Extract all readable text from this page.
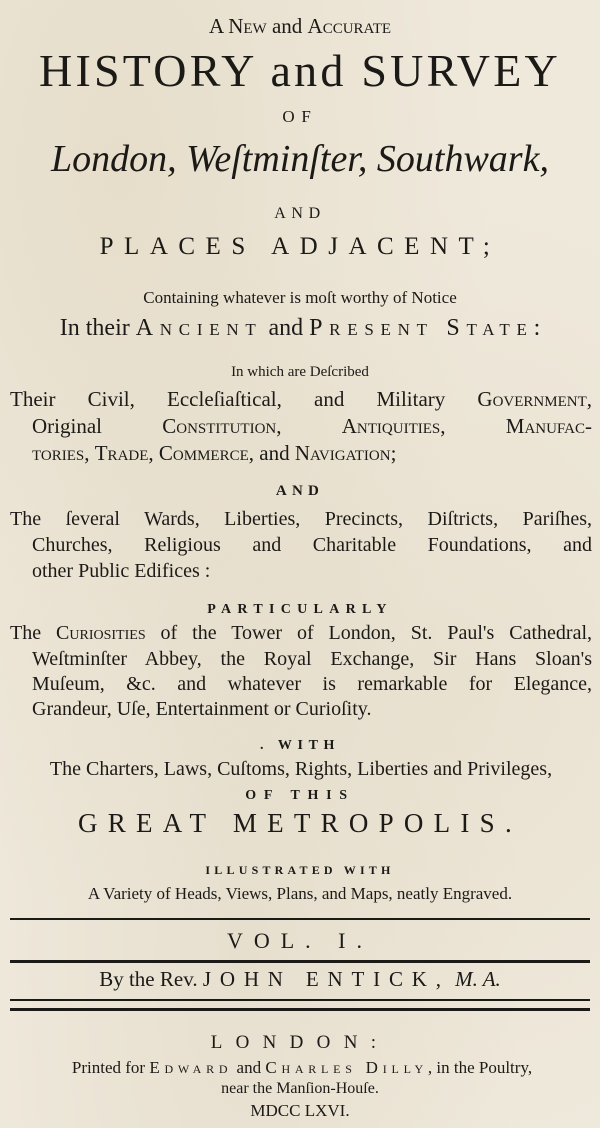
A New and Accurate
HISTORY and SURVEY
OF
London, Weſtminſter, Southwark,
AND
PLACES ADJACENT;
Containing whatever is moſt worthy of Notice
In their Ancient and Present State:
In which are Deſcribed
Their Civil, Eccleſiaſtical, and Military Government,
Original Constitution, Antiquities, Manufac-
tories, Trade, Commerce, and Navigation;
AND
The ſeveral Wards, Liberties, Precincts, Diſtricts, Pariſhes,
Churches, Religious and Charitable Foundations, and
other Public Edifices :
PARTICULARLY
The Curiosities of the Tower of London, St. Paul's Cathedral,
Weſtminſter Abbey, the Royal Exchange, Sir Hans Sloan's
Muſeum, &c. and whatever is remarkable for Elegance,
Grandeur, Uſe, Entertainment or Curioſity.
. WITH
The Charters, Laws, Cuſtoms, Rights, Liberties and Privileges,
OF THIS
GREAT METROPOLIS.
ILLUSTRATED WITH
A Variety of Heads, Views, Plans, and Maps, neatly Engraved.
VOL. I.
By the Rev. JOHN ENTICK, M. A.
LONDON:
Printed for Edward and Charles Dilly, in the Poultry,
near the Manſion-Houſe.
MDCC LXVI.
